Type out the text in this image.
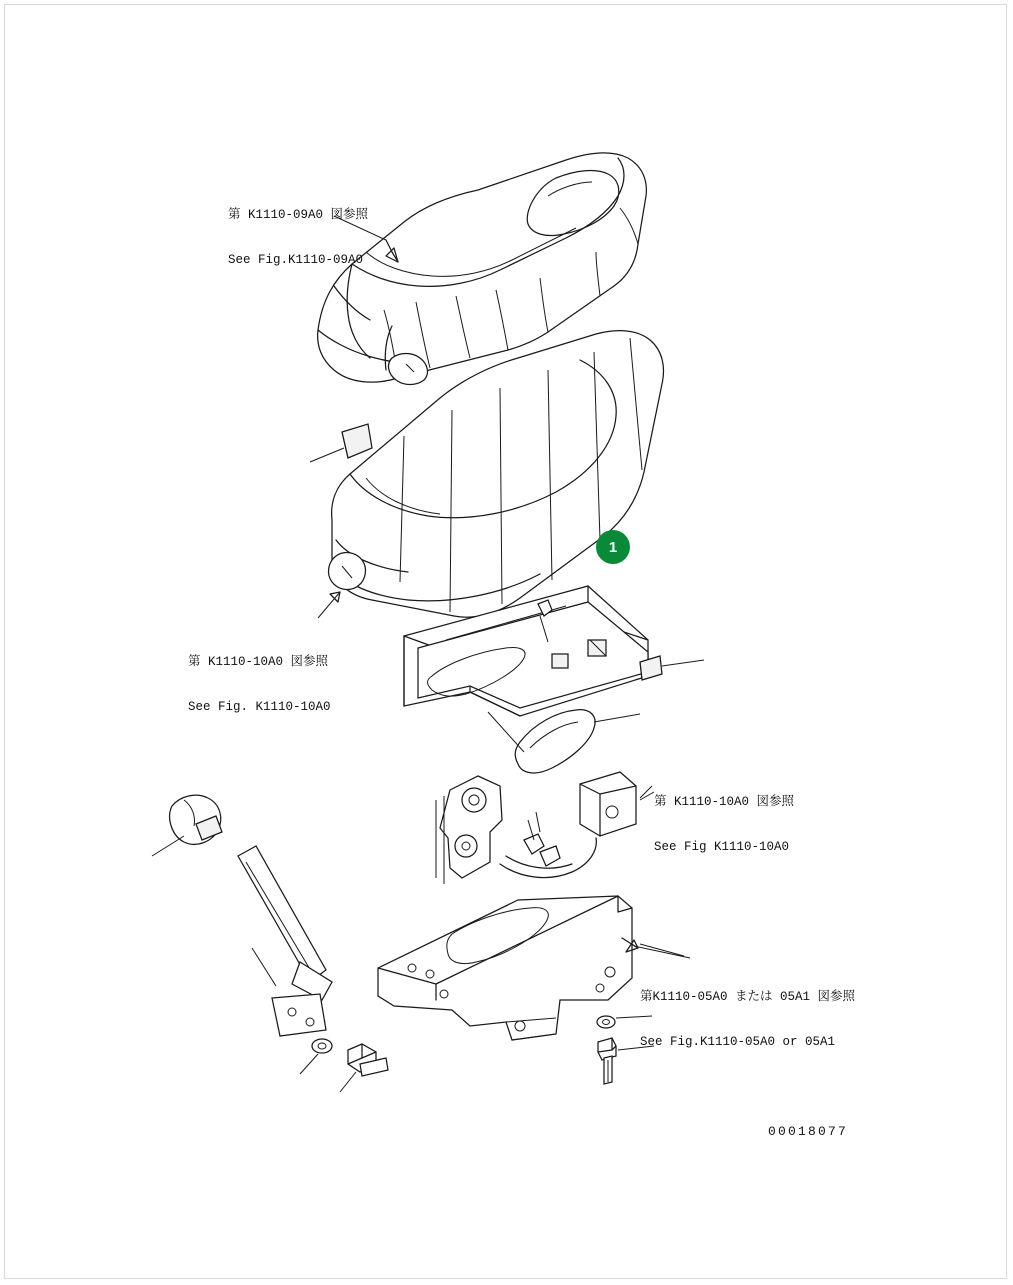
第 K1110-09A0 図参照

See Fig.K1110-09A0

第 K1110-10A0 図参照

See Fig. K1110-10A0

第 K1110-10A0 図参照

See Fig K1110-10A0

第K1110-05A0 または 05A1 図参照

See Fig.K1110-05A0 or 05A1

1
00018077
